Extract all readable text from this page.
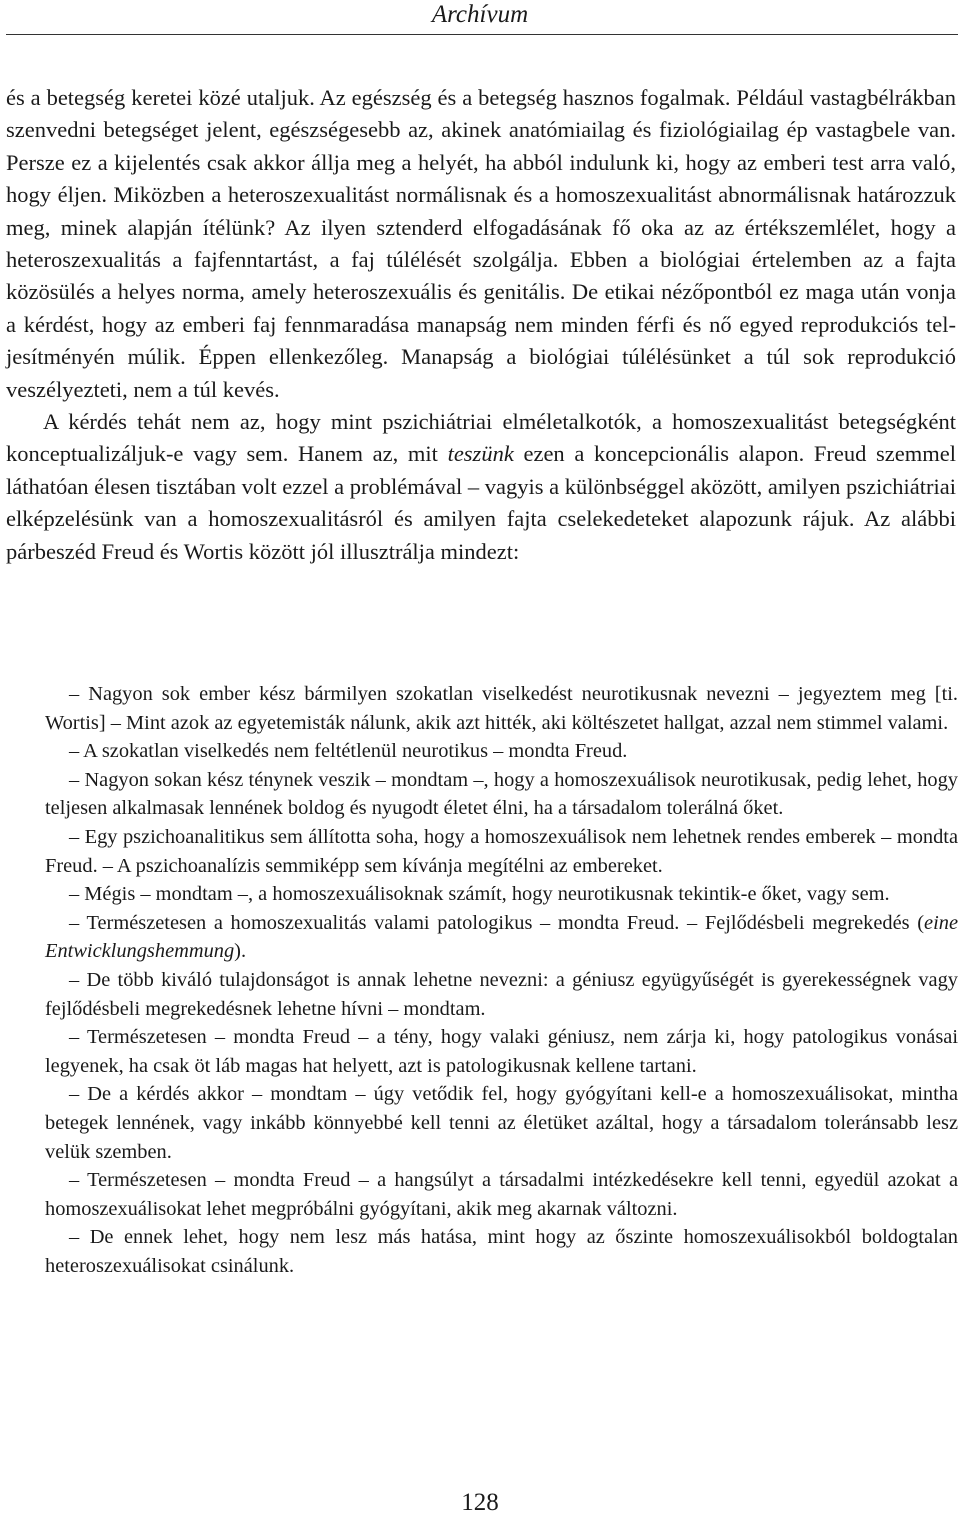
Archívum

és a betegség keretei közé utaljuk. Az egészség és a betegség hasznos fogalmak. Például vastagbélrákban szenvedni betegséget jelent, egészségesebb az, akinek anatómiailag és fiziológiailag ép vastagbele van. Persze ez a kijelentés csak akkor állja meg a helyét, ha abból indulunk ki, hogy az emberi test arra való, hogy éljen. Miközben a heteroszexualitást normálisnak és a homoszexualitást abnormálisnak határozzuk meg, minek alapján ítélünk? Az ilyen sztenderd elfogadásának fő oka az az értékszemlélet, hogy a heteroszexualitás a fajfenntartást, a faj túlélését szolgálja. Ebben a biológiai értelemben az a fajta közösülés a helyes norma, amely heteroszexuális és genitális. De etikai nézőpontból ez maga után vonja a kérdést, hogy az emberi faj fennmaradása manapság nem minden férfi és nő egyed reprodukciós teljesítményén múlik. Éppen ellenkezőleg. Manapság a biológiai túlélésünket a túl sok reprodukció veszélyezteti, nem a túl kevés.

A kérdés tehát nem az, hogy mint pszichiátriai elméletalkotók, a homoszexualitást betegségként konceptualizáljuk-e vagy sem. Hanem az, mit teszünk ezen a koncepcionális alapon. Freud szemmel láthatóan élesen tisztában volt ezzel a problémával – vagyis a különbséggel aközött, amilyen pszichiátriai elképzelésünk van a homoszexualitásról és amilyen fajta cselekedeteket alapozunk rájuk. Az alábbi párbeszéd Freud és Wortis között jól illusztrálja mindezt:

– Nagyon sok ember kész bármilyen szokatlan viselkedést neurotikusnak nevezni – jegyeztem meg [ti. Wortis] – Mint azok az egyetemisták nálunk, akik azt hitték, aki költészetet hallgat, azzal nem stimmel valami.

– A szokatlan viselkedés nem feltétlenül neurotikus – mondta Freud.

– Nagyon sokan kész ténynek veszik – mondtam –, hogy a homoszexuálisok neurotikusak, pedig lehet, hogy teljesen alkalmasak lennének boldog és nyugodt életet élni, ha a társadalom tolerálná őket.

– Egy pszichoanalitikus sem állította soha, hogy a homoszexuálisok nem lehetnek rendes emberek – mondta Freud. – A pszichoanalízis semmiképp sem kívánja megítélni az embereket.

– Mégis – mondtam –, a homoszexuálisoknak számít, hogy neurotikusnak tekintik-e őket, vagy sem.

– Természetesen a homoszexualitás valami patologikus – mondta Freud. – Fejlődésbeli megrekedés (eine Entwicklungshemmung).

– De több kiváló tulajdonságot is annak lehetne nevezni: a géniusz együgyűségét is gyerekességnek vagy fejlődésbeli megrekedésnek lehetne hívni – mondtam.

– Természetesen – mondta Freud – a tény, hogy valaki géniusz, nem zárja ki, hogy patologikus vonásai legyenek, ha csak öt láb magas hat helyett, azt is patologikusnak kellene tartani.

– De a kérdés akkor – mondtam – úgy vetődik fel, hogy gyógyítani kell-e a homoszexuálisokat, mintha betegek lennének, vagy inkább könnyebbé kell tenni az életüket azáltal, hogy a társadalom toleránsabb lesz velük szemben.

– Természetesen – mondta Freud – a hangsúlyt a társadalmi intézkedésekre kell tenni, egyedül azokat a homoszexuálisokat lehet megpróbálni gyógyítani, akik meg akarnak változni.

– De ennek lehet, hogy nem lesz más hatása, mint hogy az őszinte homoszexuálisokból boldogtalan heteroszexuálisokat csinálunk.

128
